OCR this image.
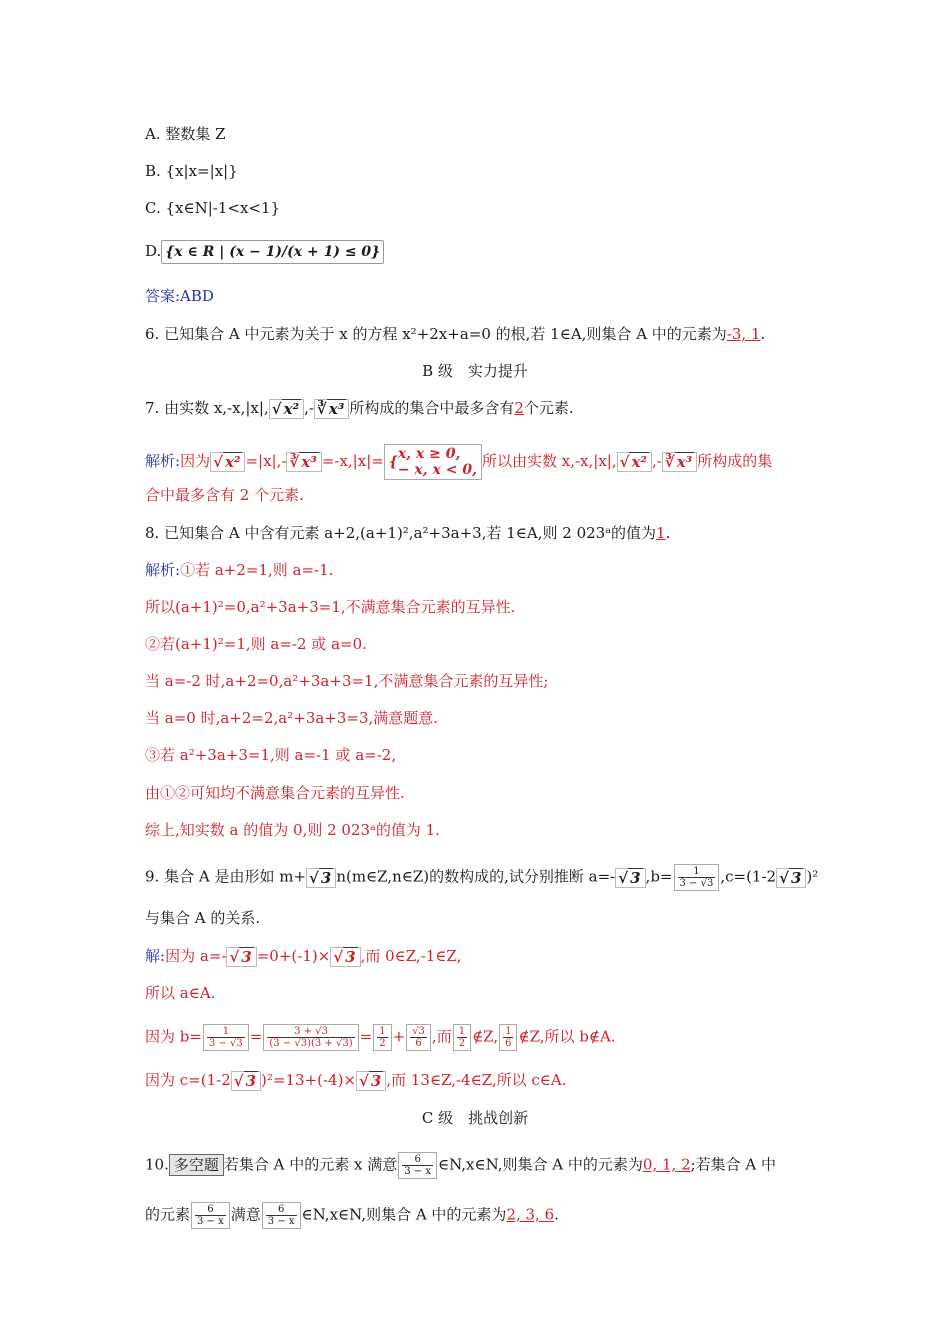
A. 整数集 Z
B. {x|x=|x|}
C. {x∈N|-1<x<1}
D. {x ∈ R | (x − 1)/(x + 1) ≤ 0}
答案:ABD
6. 已知集合 A 中元素为关于 x 的方程 x²+2x+a=0 的根,若 1∈A,则集合 A 中的元素为-3, 1.
B 级　实力提升
7. 由实数 x,-x,|x|, √ x² ,- ∛ x³ 所构成的集合中最多含有2个元素.
解析:因为 √ x² =|x|,- ∛ x³ =-x,|x|= { x, x ≥ 0,
− x, x < 0, 所以由实数 x,-x,|x|, √ x² ,- ∛ x³ 所构成的集
合中最多含有 2 个元素.
8. 已知集合 A 中含有元素 a+2,(a+1)²,a²+3a+3,若 1∈A,则 2 023ᵃ的值为1.
解析:①若 a+2=1,则 a=-1.
所以(a+1)²=0,a²+3a+3=1,不满意集合元素的互异性.
②若(a+1)²=1,则 a=-2 或 a=0.
当 a=-2 时,a+2=0,a²+3a+3=1,不满意集合元素的互异性;
当 a=0 时,a+2=2,a²+3a+3=3,满意题意.
③若 a²+3a+3=1,则 a=-1 或 a=-2,
由①②可知均不满意集合元素的互异性.
综上,知实数 a 的值为 0,则 2 023ᵃ的值为 1.
9. 集合 A 是由形如 m+ √ 3 n(m∈Z,n∈Z)的数构成的,试分别推断 a=- √ 3 $,b= \frac{1}{3 - √3} ,c=(1-2$ √ 3 )²
与集合 A 的关系.
解:因为 a=- √ 3 =0+(-1)× √ 3 ,而 0∈Z,-1∈Z,
所以 a∈A.
因为 $b= \frac{1}{3 - √3} = \frac{3 + √3}{(3 - √3)(3 + √3)} = \frac{1}{2} + \frac{√3}{6}$ ,而 $\frac{1}{2}$ ∉Z, $\frac{1}{6}$ ∉Z,所以 b∉A.
因为 c=(1-2 √ 3 )²=13+(-4)× √ 3 ,而 13∈Z,-4∈Z,所以 c∈A.
C 级　挑战创新
10. 多空题 若集合 A 中的元素 x 满意 $\frac{6}{3 - x}$ ∈N,x∈N,则集合 A 中的元素为0, 1, 2;若集合 A 中
的元素 $\frac{6}{3 - x}$ 满意 $\frac{6}{3 - x}$ ∈N,x∈N,则集合 A 中的元素为2, 3, 6.
